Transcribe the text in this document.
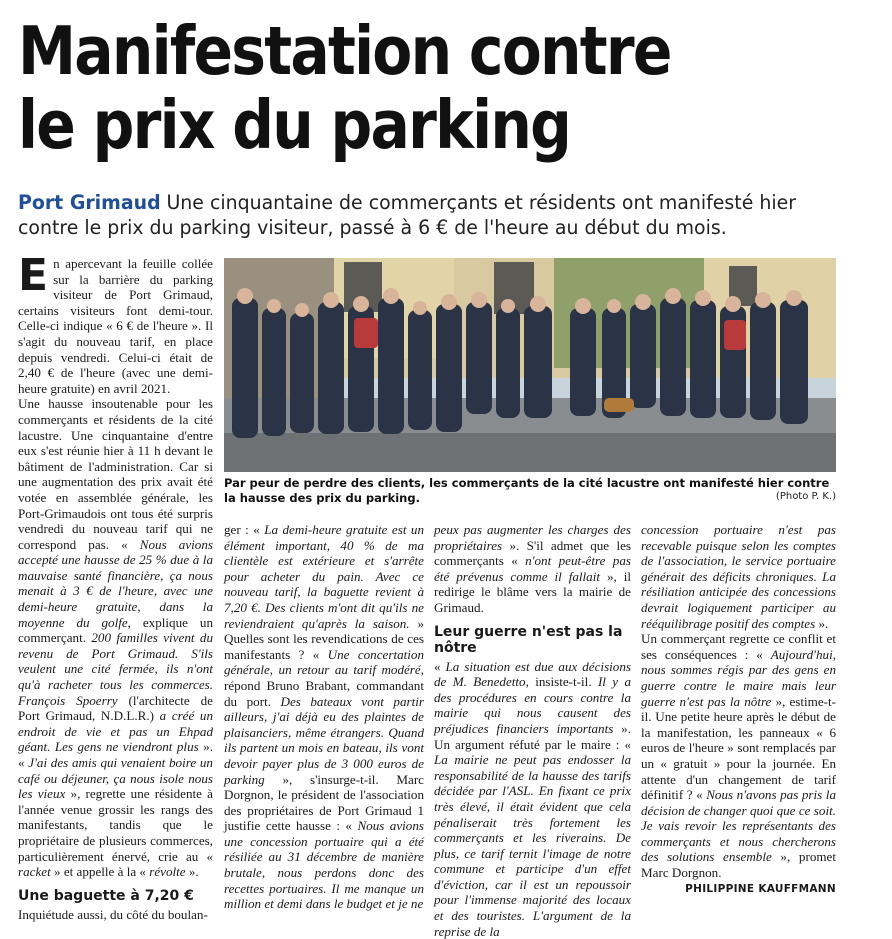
Manifestation contre
le prix du parking

Port Grimaud Une cinquantaine de commerçants et résidents ont manifesté hier contre le prix du parking visiteur, passé à 6 € de l'heure au début du mois.

En apercevant la feuille collée sur la barrière du parking visiteur de Port Grimaud, certains visiteurs font demi-tour. Celle-ci indique « 6 € de l'heure ». Il s'agit du nouveau tarif, en place depuis vendredi. Celui-ci était de 2,40 € de l'heure (avec une demi-heure gratuite) en avril 2021.

Une hausse insoutenable pour les commerçants et résidents de la cité lacustre. Une cinquantaine d'entre eux s'est réunie hier à 11 h devant le bâtiment de l'administration. Car si une augmentation des prix avait été votée en assemblée générale, les Port-Grimaudois ont tous été surpris vendredi du nouveau tarif qui ne correspond pas. « Nous avions accepté une hausse de 25 % due à la mauvaise santé financière, ça nous menait à 3 € de l'heure, avec une demi-heure gratuite, dans la moyenne du golfe, explique un commerçant. 200 familles vivent du revenu de Port Grimaud. S'ils veulent une cité fermée, ils n'ont qu'à racheter tous les commerces. François Spoerry (l'architecte de Port Grimaud, N.D.L.R.) a créé un endroit de vie et pas un Ehpad géant. Les gens ne viendront plus ». « J'ai des amis qui venaient boire un café ou déjeuner, ça nous isole nous les vieux », regrette une résidente à l'année venue grossir les rangs des manifestants, tandis que le propriétaire de plusieurs commerces, particulièrement énervé, crie au « racket » et appelle à la « révolte ».

Une baguette à 7,20 €

Inquiétude aussi, du côté du boulan-

Par peur de perdre des clients, les commerçants de la cité lacustre ont manifesté hier contre la hausse des prix du parking.	(Photo P. K.)

ger : « La demi-heure gratuite est un élément important, 40 % de ma clientèle est extérieure et s'arrête pour acheter du pain. Avec ce nouveau tarif, la baguette revient à 7,20 €. Des clients m'ont dit qu'ils ne reviendraient qu'après la saison. » Quelles sont les revendications de ces manifestants ? « Une concertation générale, un retour au tarif modéré, répond Bruno Brabant, commandant du port. Des bateaux vont partir ailleurs, j'ai déjà eu des plaintes de plaisanciers, même étrangers. Quand ils partent un mois en bateau, ils vont devoir payer plus de 3 000 euros de parking », s'insurge-t-il. Marc Dorgnon, le président de l'association des propriétaires de Port Grimaud 1 justifie cette hausse : « Nous avions une concession portuaire qui a été résiliée au 31 décembre de manière brutale, nous perdons donc des recettes portuaires. Il me manque un million et demi dans le budget et je ne

peux pas augmenter les charges des propriétaires ». S'il admet que les commerçants « n'ont peut-être pas été prévenus comme il fallait », il redirige le blâme vers la mairie de Grimaud.

Leur guerre n'est pas la nôtre

« La situation est due aux décisions de M. Benedetto, insiste-t-il. Il y a des procédures en cours contre la mairie qui nous causent des préjudices financiers importants ». Un argument réfuté par le maire : « La mairie ne peut pas endosser la responsabilité de la hausse des tarifs décidée par l'ASL. En fixant ce prix très élevé, il était évident que cela pénaliserait très fortement les commerçants et les riverains. De plus, ce tarif ternit l'image de notre commune et participe d'un effet d'éviction, car il est un repoussoir pour l'immense majorité des locaux et des touristes. L'argument de la reprise de la

concession portuaire n'est pas recevable puisque selon les comptes de l'association, le service portuaire générait des déficits chroniques. La résiliation anticipée des concessions devrait logiquement participer au rééquilibrage positif des comptes ».

Un commerçant regrette ce conflit et ses conséquences : « Aujourd'hui, nous sommes régis par des gens en guerre contre le maire mais leur guerre n'est pas la nôtre », estime-t-il. Une petite heure après le début de la manifestation, les panneaux « 6 euros de l'heure » sont remplacés par un « gratuit » pour la journée. En attente d'un changement de tarif définitif ? « Nous n'avons pas pris la décision de changer quoi que ce soit. Je vais revoir les représentants des commerçants et nous chercherons des solutions ensemble », promet Marc Dorgnon.

PHILIPPINE KAUFFMANN
